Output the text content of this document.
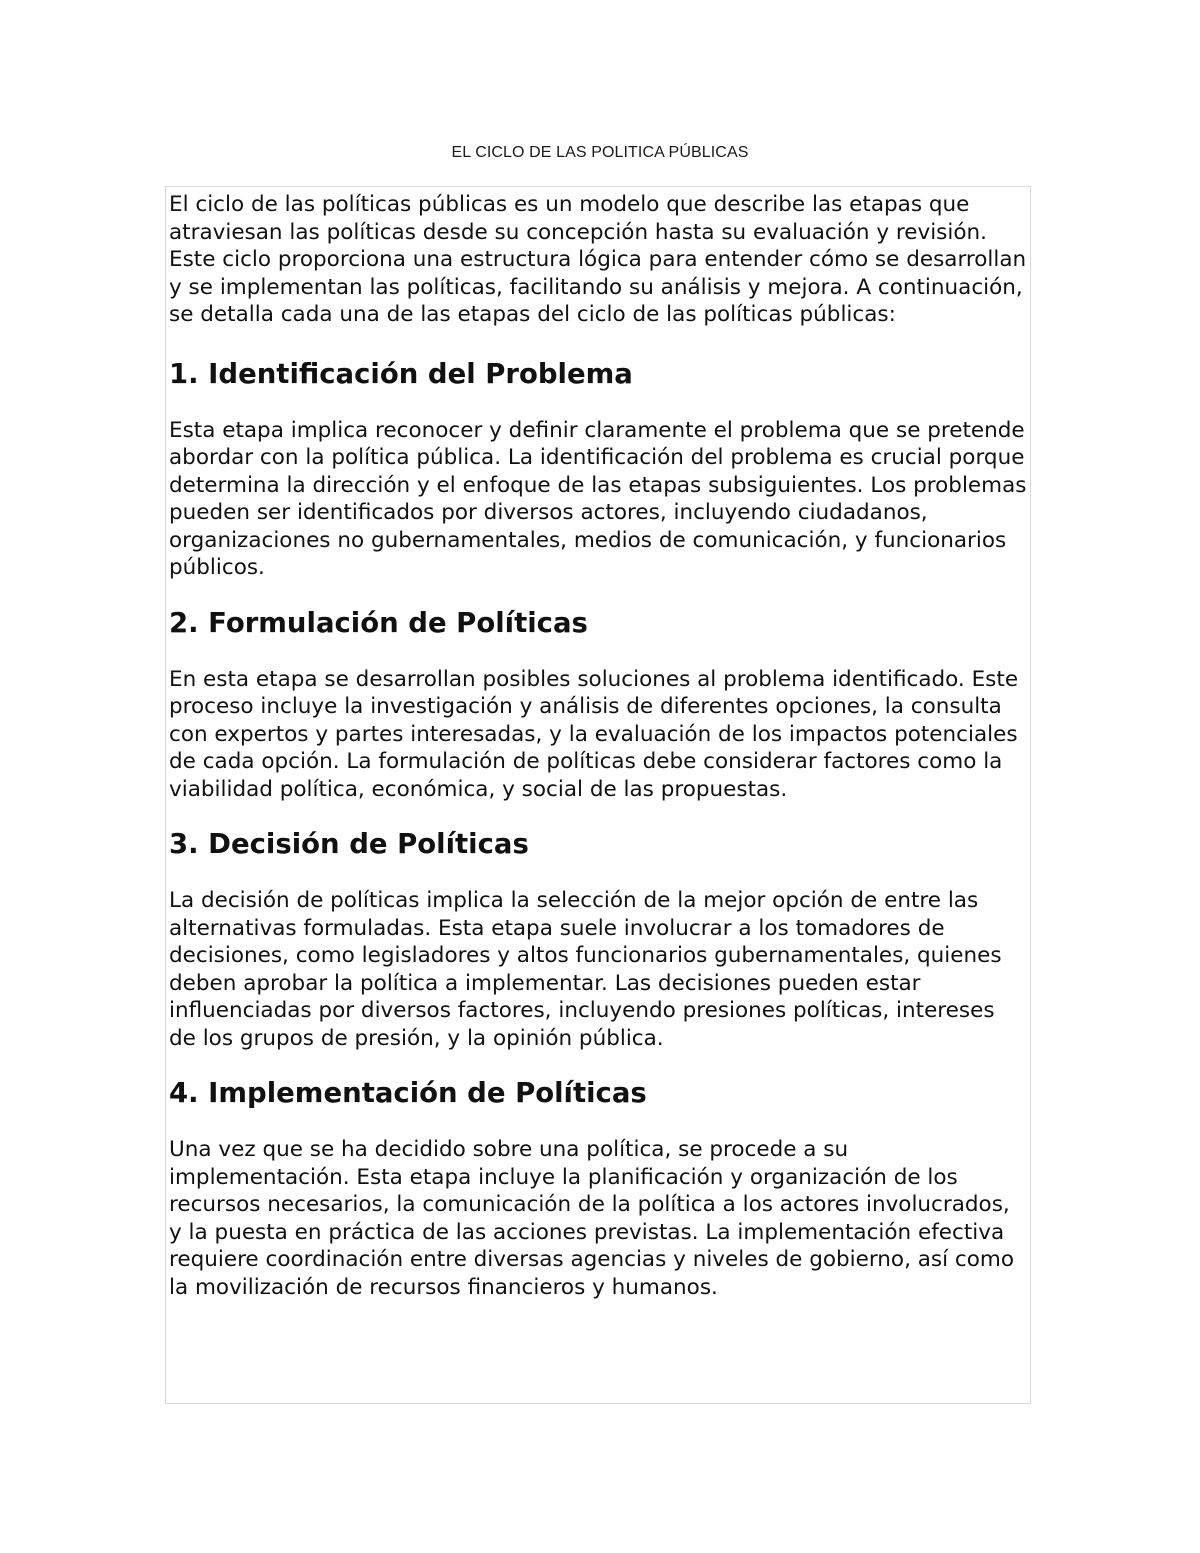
EL CICLO DE LAS POLITICA PÚBLICAS

El ciclo de las políticas públicas es un modelo que describe las etapas que atraviesan las políticas desde su concepción hasta su evaluación y revisión. Este ciclo proporciona una estructura lógica para entender cómo se desarrollan y se implementan las políticas, facilitando su análisis y mejora. A continuación, se detalla cada una de las etapas del ciclo de las políticas públicas:

1. Identificación del Problema

Esta etapa implica reconocer y definir claramente el problema que se pretende abordar con la política pública. La identificación del problema es crucial porque determina la dirección y el enfoque de las etapas subsiguientes. Los problemas pueden ser identificados por diversos actores, incluyendo ciudadanos, organizaciones no gubernamentales, medios de comunicación, y funcionarios públicos.

2. Formulación de Políticas

En esta etapa se desarrollan posibles soluciones al problema identificado. Este proceso incluye la investigación y análisis de diferentes opciones, la consulta con expertos y partes interesadas, y la evaluación de los impactos potenciales de cada opción. La formulación de políticas debe considerar factores como la viabilidad política, económica, y social de las propuestas.

3. Decisión de Políticas

La decisión de políticas implica la selección de la mejor opción de entre las alternativas formuladas. Esta etapa suele involucrar a los tomadores de decisiones, como legisladores y altos funcionarios gubernamentales, quienes deben aprobar la política a implementar. Las decisiones pueden estar influenciadas por diversos factores, incluyendo presiones políticas, intereses de los grupos de presión, y la opinión pública.

4. Implementación de Políticas

Una vez que se ha decidido sobre una política, se procede a su implementación. Esta etapa incluye la planificación y organización de los recursos necesarios, la comunicación de la política a los actores involucrados, y la puesta en práctica de las acciones previstas. La implementación efectiva requiere coordinación entre diversas agencias y niveles de gobierno, así como la movilización de recursos financieros y humanos.
